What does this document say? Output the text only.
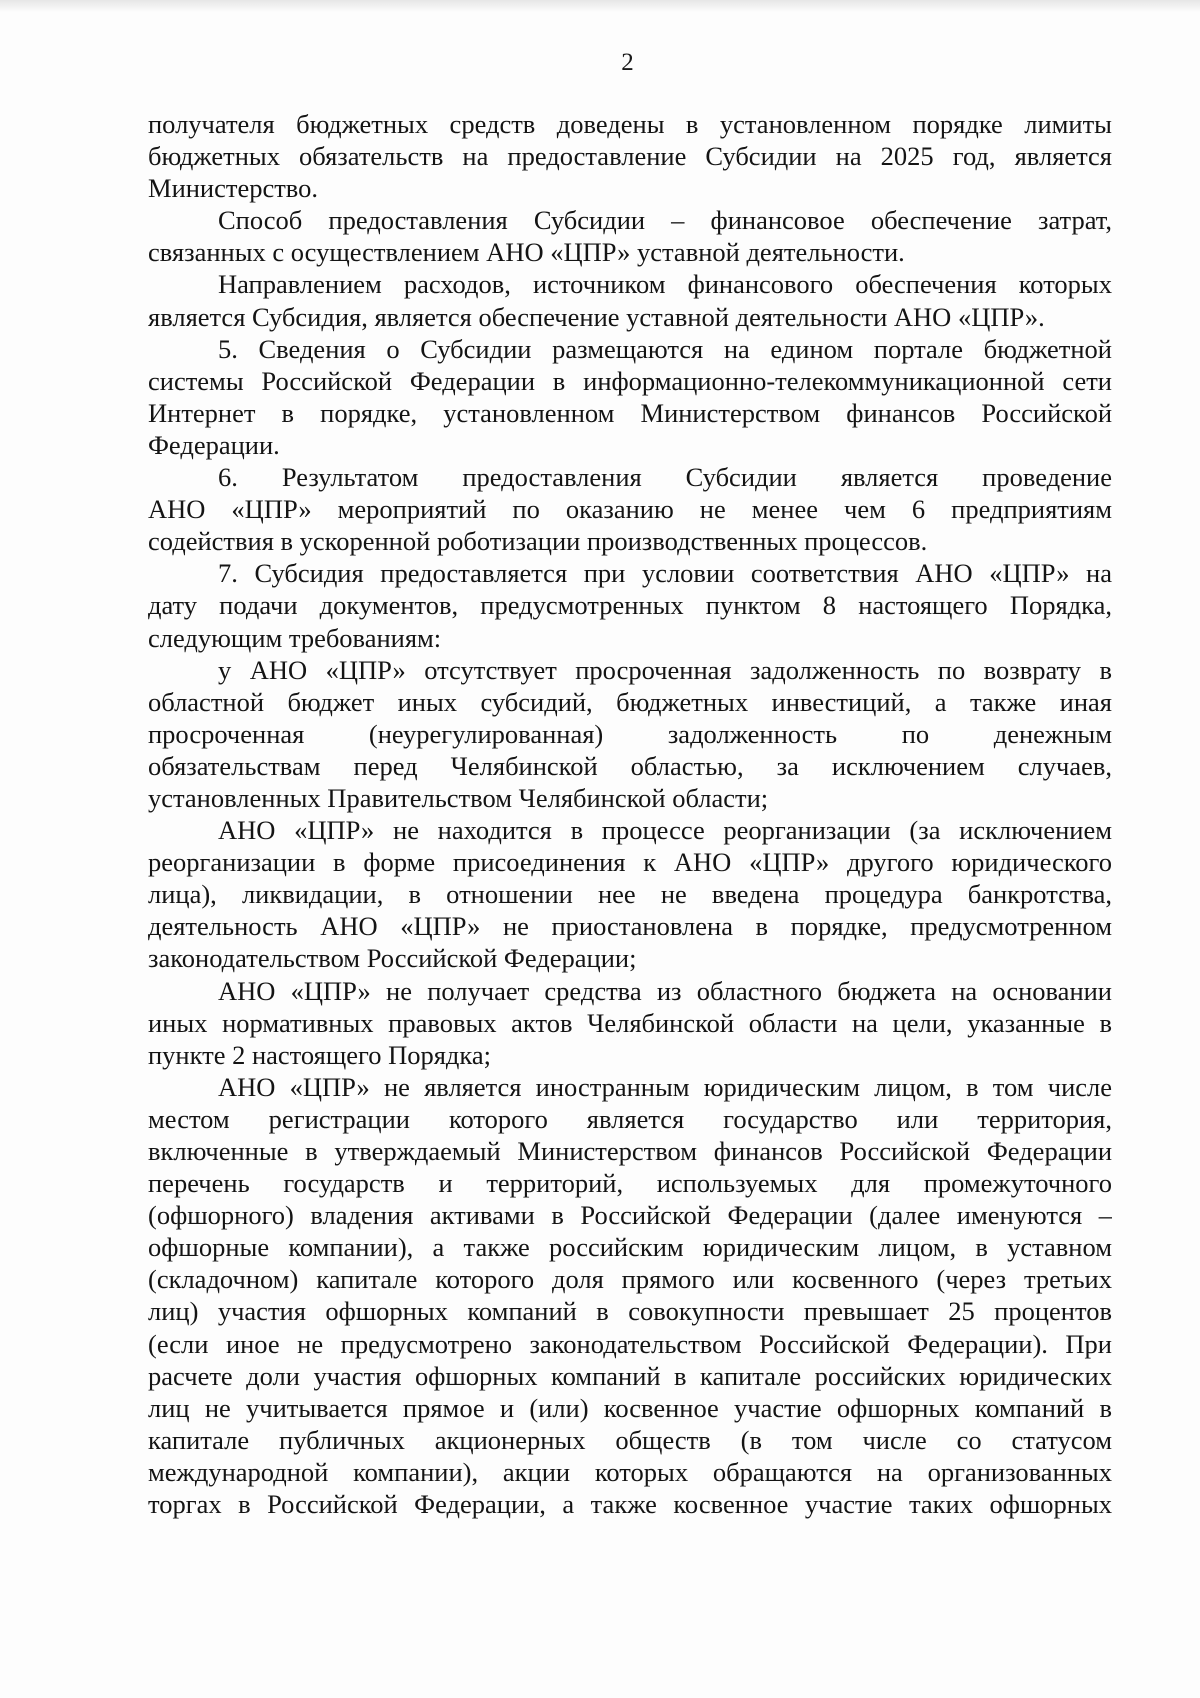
2
получателя бюджетных средств доведены в установленном порядке лимиты
бюджетных обязательств на предоставление Субсидии на 2025 год, является
Министерство.
Способ предоставления Субсидии – финансовое обеспечение затрат,
связанных с осуществлением АНО «ЦПР» уставной деятельности.
Направлением расходов, источником финансового обеспечения которых
является Субсидия, является обеспечение уставной деятельности АНО «ЦПР».
5. Сведения о Субсидии размещаются на едином портале бюджетной
системы Российской Федерации в информационно-телекоммуникационной сети
Интернет в порядке, установленном Министерством финансов Российской
Федерации.
6. Результатом предоставления Субсидии является проведение
АНО «ЦПР» мероприятий по оказанию не менее чем 6 предприятиям
содействия в ускоренной роботизации производственных процессов.
7. Субсидия предоставляется при условии соответствия АНО «ЦПР» на
дату подачи документов, предусмотренных пунктом 8 настоящего Порядка,
следующим требованиям:
у АНО «ЦПР» отсутствует просроченная задолженность по возврату в
областной бюджет иных субсидий, бюджетных инвестиций, а также иная
просроченная (неурегулированная) задолженность по денежным
обязательствам перед Челябинской областью, за исключением случаев,
установленных Правительством Челябинской области;
АНО «ЦПР» не находится в процессе реорганизации (за исключением
реорганизации в форме присоединения к АНО «ЦПР» другого юридического
лица), ликвидации, в отношении нее не введена процедура банкротства,
деятельность АНО «ЦПР» не приостановлена в порядке, предусмотренном
законодательством Российской Федерации;
АНО «ЦПР» не получает средства из областного бюджета на основании
иных нормативных правовых актов Челябинской области на цели, указанные в
пункте 2 настоящего Порядка;
АНО «ЦПР» не является иностранным юридическим лицом, в том числе
местом регистрации которого является государство или территория,
включенные в утверждаемый Министерством финансов Российской Федерации
перечень государств и территорий, используемых для промежуточного
(офшорного) владения активами в Российской Федерации (далее именуются –
офшорные компании), а также российским юридическим лицом, в уставном
(складочном) капитале которого доля прямого или косвенного (через третьих
лиц) участия офшорных компаний в совокупности превышает 25 процентов
(если иное не предусмотрено законодательством Российской Федерации). При
расчете доли участия офшорных компаний в капитале российских юридических
лиц не учитывается прямое и (или) косвенное участие офшорных компаний в
капитале публичных акционерных обществ (в том числе со статусом
международной компании), акции которых обращаются на организованных
торгах в Российской Федерации, а также косвенное участие таких офшорных
